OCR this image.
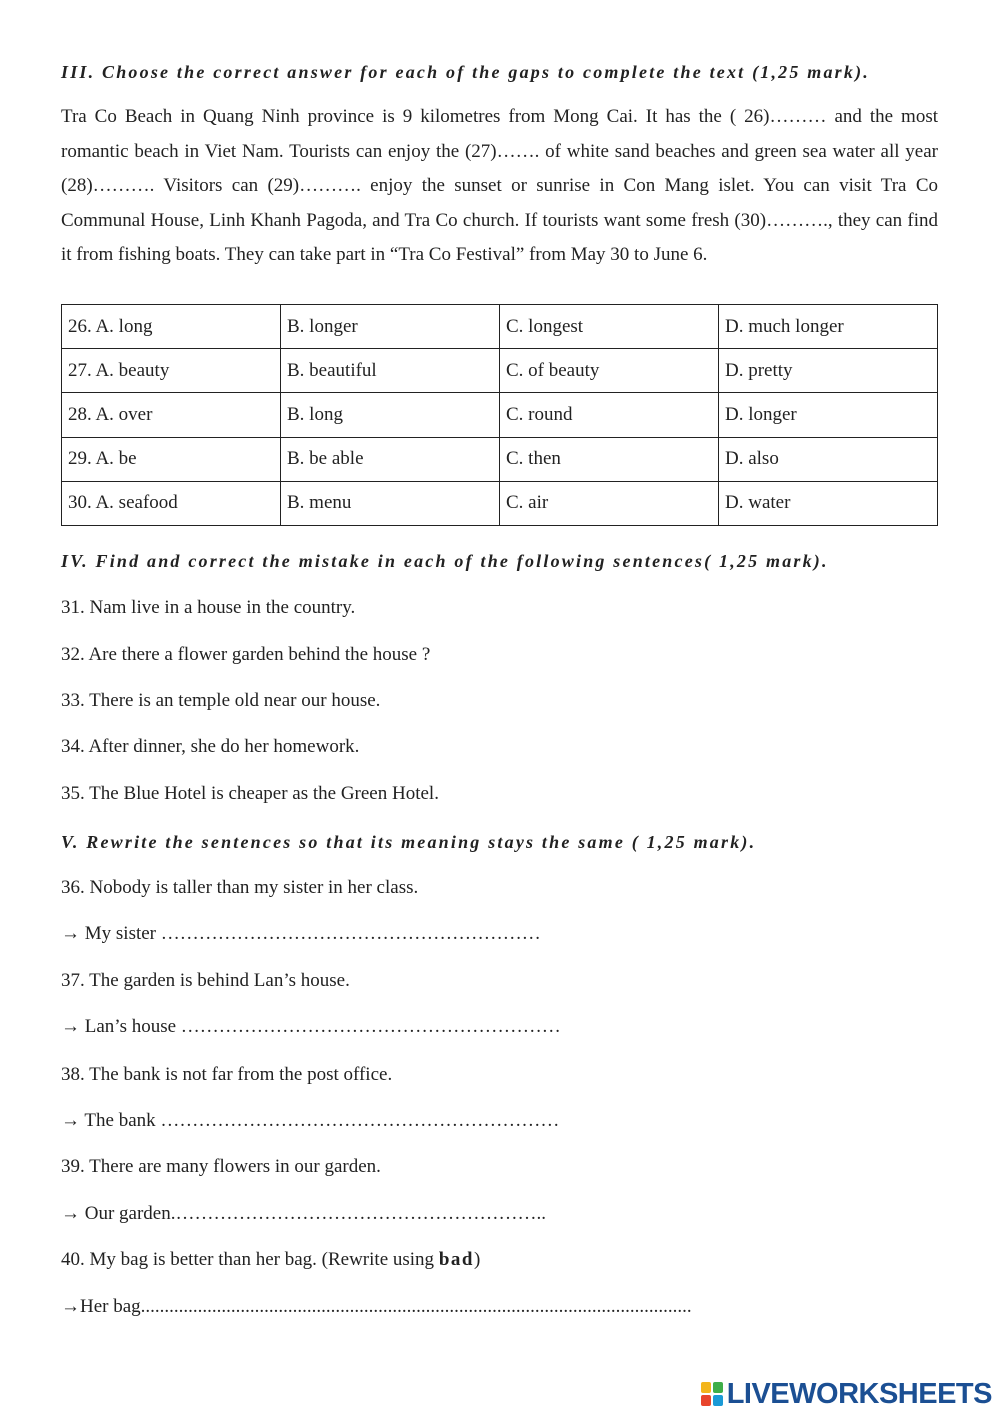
III. Choose the correct answer for each of the gaps to complete the text (1,25 mark).

Tra Co Beach in Quang Ninh province is 9 kilometres from Mong Cai. It has the ( 26)……… and the most romantic beach in Viet Nam. Tourists can enjoy the (27)……. of white sand beaches and green sea water all year (28)………. Visitors can (29)………. enjoy the sunset or sunrise in Con Mang islet. You can visit Tra Co Communal House, Linh Khanh Pagoda, and Tra Co church. If tourists want some fresh (30)………., they can find it from fishing boats. They can take part in “Tra Co Festival” from May 30 to June 6.

26. A. long	B. longer	C. longest	D. much longer
27. A. beauty	B. beautiful	C. of beauty	D. pretty
28. A. over	B. long	C. round	D. longer
29. A. be	B. be able	C. then	D. also
30. A. seafood	B. menu	C. air	D. water

IV. Find and correct the mistake in each of the following sentences( 1,25 mark).

31. Nam live in a house in the country.

32. Are there a flower garden behind the house ?

33. There is an temple old near our house.

34. After dinner, she do her homework.

35. The Blue Hotel is cheaper as the Green Hotel.

V. Rewrite the sentences so that its meaning stays the same ( 1,25 mark).

36. Nobody is taller than my sister in her class.

→ My sister ……………………………………………………

37. The garden is behind Lan’s house.

→ Lan’s house ……………………………………………………

38. The bank is not far from the post office.

→ The bank ………………………………………………………

39. There are many flowers in our garden.

→ Our garden.…………………………………………………..

40. My bag is better than her bag. (Rewrite using bad)

→Her bag....................................................................................................................

LIVEWORKSHEETS
